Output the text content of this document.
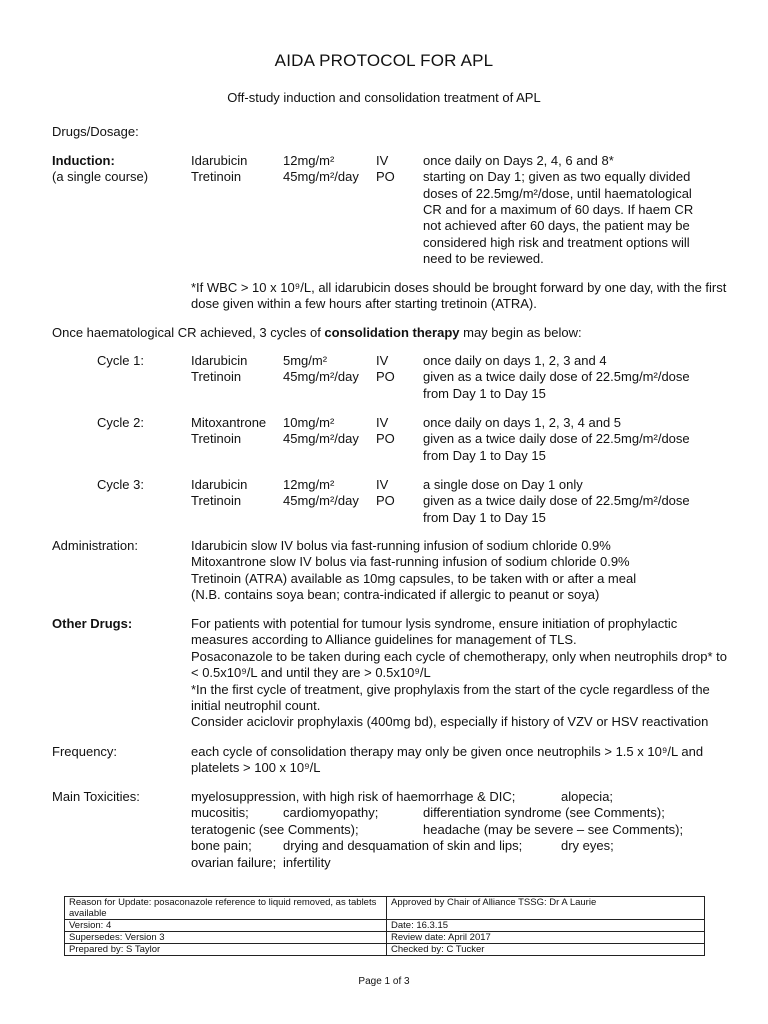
AIDA PROTOCOL FOR APL
Off-study induction and consolidation treatment of APL
Drugs/Dosage:
Induction:
(a single course)
Idarubicin	12mg/m²	IV	once daily on Days 2, 4, 6 and 8*
Tretinoin	45mg/m²/day PO starting on Day 1; given as two equally divided
doses of 22.5mg/m²/dose, until haematological
CR and for a maximum of 60 days. If haem CR
not achieved after 60 days, the patient may be
considered high risk and treatment options will
need to be reviewed.
*If WBC > 10 x 10⁹/L, all idarubicin doses should be brought forward by one day, with the first
dose given within a few hours after starting tretinoin (ATRA).
Once haematological CR achieved, 3 cycles of consolidation therapy may begin as below:
Cycle 1:	Idarubicin	5mg/m²	IV	once daily on days 1, 2, 3 and 4
Tretinoin	45mg/m²/day PO given as a twice daily dose of 22.5mg/m²/dose
from Day 1 to Day 15
Cycle 2:	Mitoxantrone 10mg/m²	IV	once daily on days 1, 2, 3, 4 and 5
Tretinoin	45mg/m²/day PO given as a twice daily dose of 22.5mg/m²/dose
from Day 1 to Day 15
Cycle 3:	Idarubicin	12mg/m²	IV	a single dose on Day 1 only
Tretinoin	45mg/m²/day PO given as a twice daily dose of 22.5mg/m²/dose
from Day 1 to Day 15
Administration:	Idarubicin slow IV bolus via fast-running infusion of sodium chloride 0.9%
Mitoxantrone slow IV bolus via fast-running infusion of sodium chloride 0.9%
Tretinoin (ATRA) available as 10mg capsules, to be taken with or after a meal
(N.B. contains soya bean; contra-indicated if allergic to peanut or soya)
Other Drugs:	For patients with potential for tumour lysis syndrome, ensure initiation of prophylactic
measures according to Alliance guidelines for management of TLS.
Posaconazole to be taken during each cycle of chemotherapy, only when neutrophils drop* to
< 0.5x10⁹/L and until they are > 0.5x10⁹/L
*In the first cycle of treatment, give prophylaxis from the start of the cycle regardless of the
initial neutrophil count.
Consider aciclovir prophylaxis (400mg bd), especially if history of VZV or HSV reactivation
Frequency:	each cycle of consolidation therapy may only be given once neutrophils > 1.5 x 10⁹/L and
platelets > 100 x 10⁹/L
Main Toxicities:	myelosuppression, with high risk of haemorrhage & DIC;	alopecia;
mucositis;	cardiomyopathy;	differentiation syndrome (see Comments);
teratogenic (see Comments);	headache (may be severe – see Comments);
bone pain; drying and desquamation of skin and lips;	dry eyes;
ovarian failure; infertility
Reason for Update: posaconazole reference to liquid removed, as tablets available	Approved by Chair of Alliance TSSG: Dr A Laurie
Version: 4	Date: 16.3.15
Supersedes: Version 3	Review date: April 2017
Prepared by: S Taylor	Checked by: C Tucker
Page 1 of 3
